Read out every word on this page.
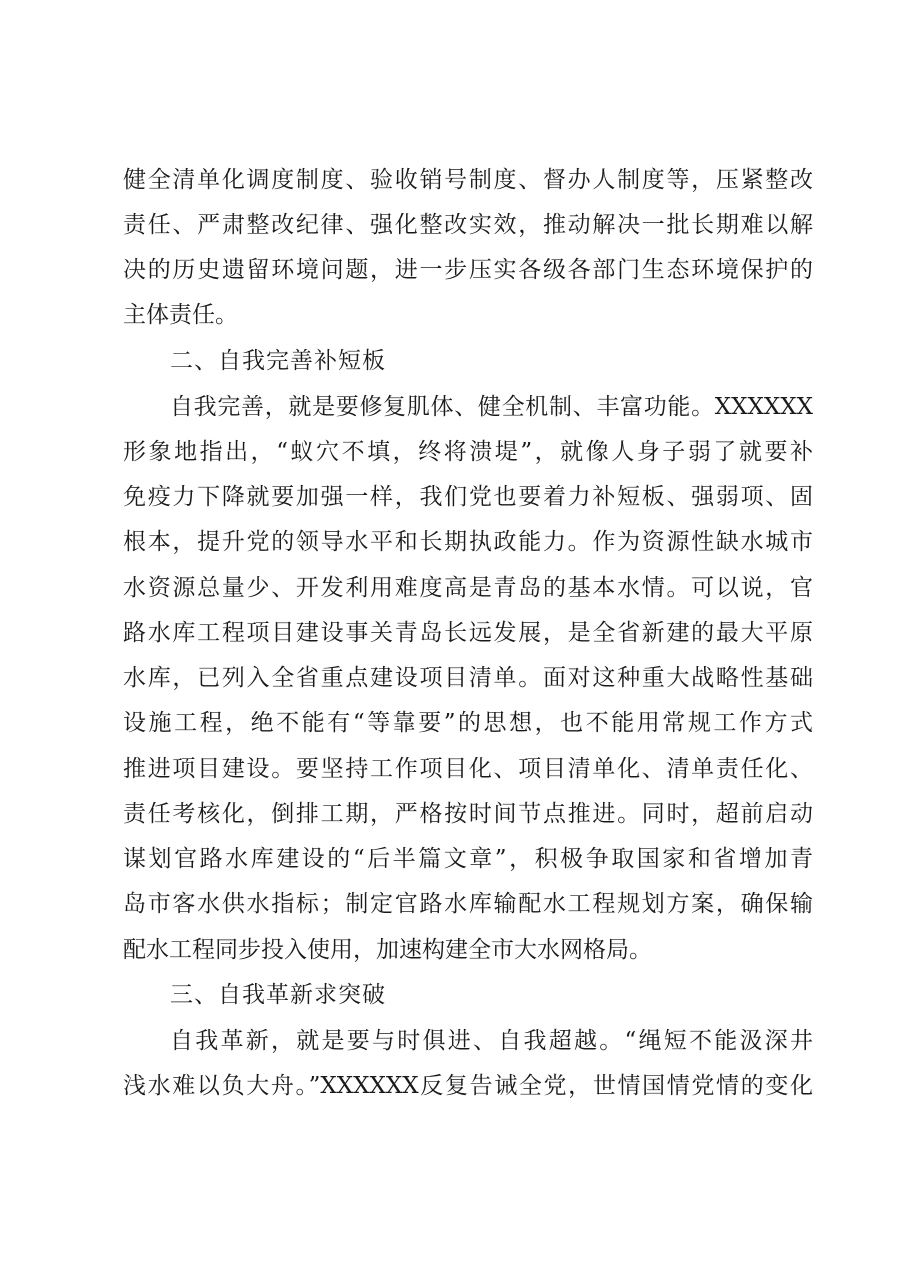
健全清单化调度制度、验收销号制度、督办人制度等，压紧整改
责任、严肃整改纪律、强化整改实效，推动解决一批长期难以解
决的历史遗留环境问题，进一步压实各级各部门生态环境保护的
主体责任。
二、自我完善补短板
自我完善，就是要修复肌体、健全机制、丰富功能。XXXXXX
形象地指出，“蚁穴不填，终将溃堤”，就像人身子弱了就要补
免疫力下降就要加强一样，我们党也要着力补短板、强弱项、固
根本，提升党的领导水平和长期执政能力。作为资源性缺水城市
水资源总量少、开发利用难度高是青岛的基本水情。可以说，官
路水库工程项目建设事关青岛长远发展，是全省新建的最大平原
水库，已列入全省重点建设项目清单。面对这种重大战略性基础
设施工程，绝不能有“等靠要”的思想，也不能用常规工作方式
推进项目建设。要坚持工作项目化、项目清单化、清单责任化、
责任考核化，倒排工期，严格按时间节点推进。同时，超前启动
谋划官路水库建设的“后半篇文章”，积极争取国家和省增加青
岛市客水供水指标；制定官路水库输配水工程规划方案，确保输
配水工程同步投入使用，加速构建全市大水网格局。
三、自我革新求突破
自我革新，就是要与时俱进、自我超越。“绳短不能汲深井
浅水难以负大舟。”XXXXXX反复告诫全党，世情国情党情的变化
